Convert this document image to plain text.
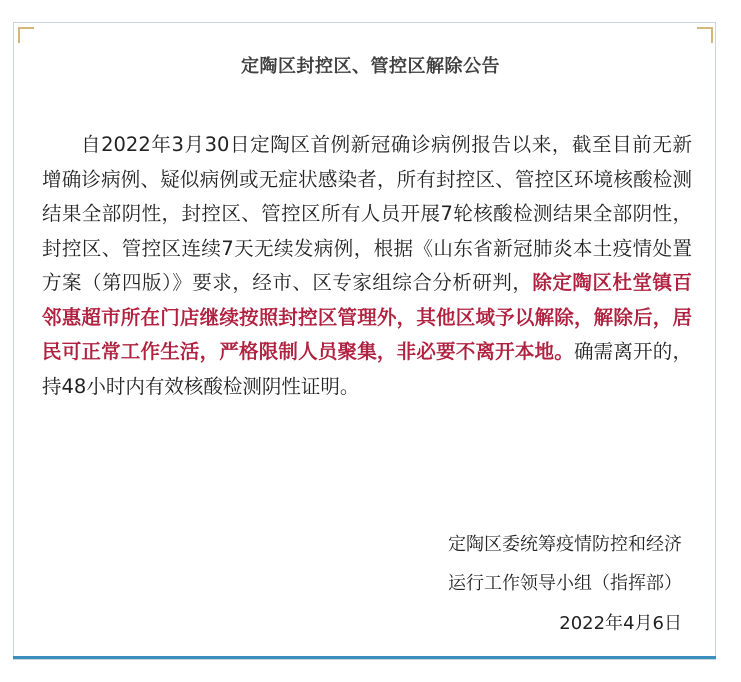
定陶区封控区、管控区解除公告
自2022年3月30日定陶区首例新冠确诊病例报告以来，截至目前无新增确诊病例、疑似病例或无症状感染者，所有封控区、管控区环境核酸检测结果全部阴性，封控区、管控区所有人员开展7轮核酸检测结果全部阴性，封控区、管控区连续7天无续发病例，根据《山东省新冠肺炎本土疫情处置方案（第四版）》要求，经市、区专家组综合分析研判，除定陶区杜堂镇百邻惠超市所在门店继续按照封控区管理外，其他区域予以解除，解除后，居民可正常工作生活，严格限制人员聚集，非必要不离开本地。确需离开的，持48小时内有效核酸检测阴性证明。
定陶区委统筹疫情防控和经济
运行工作领导小组（指挥部）
2022年4月6日
